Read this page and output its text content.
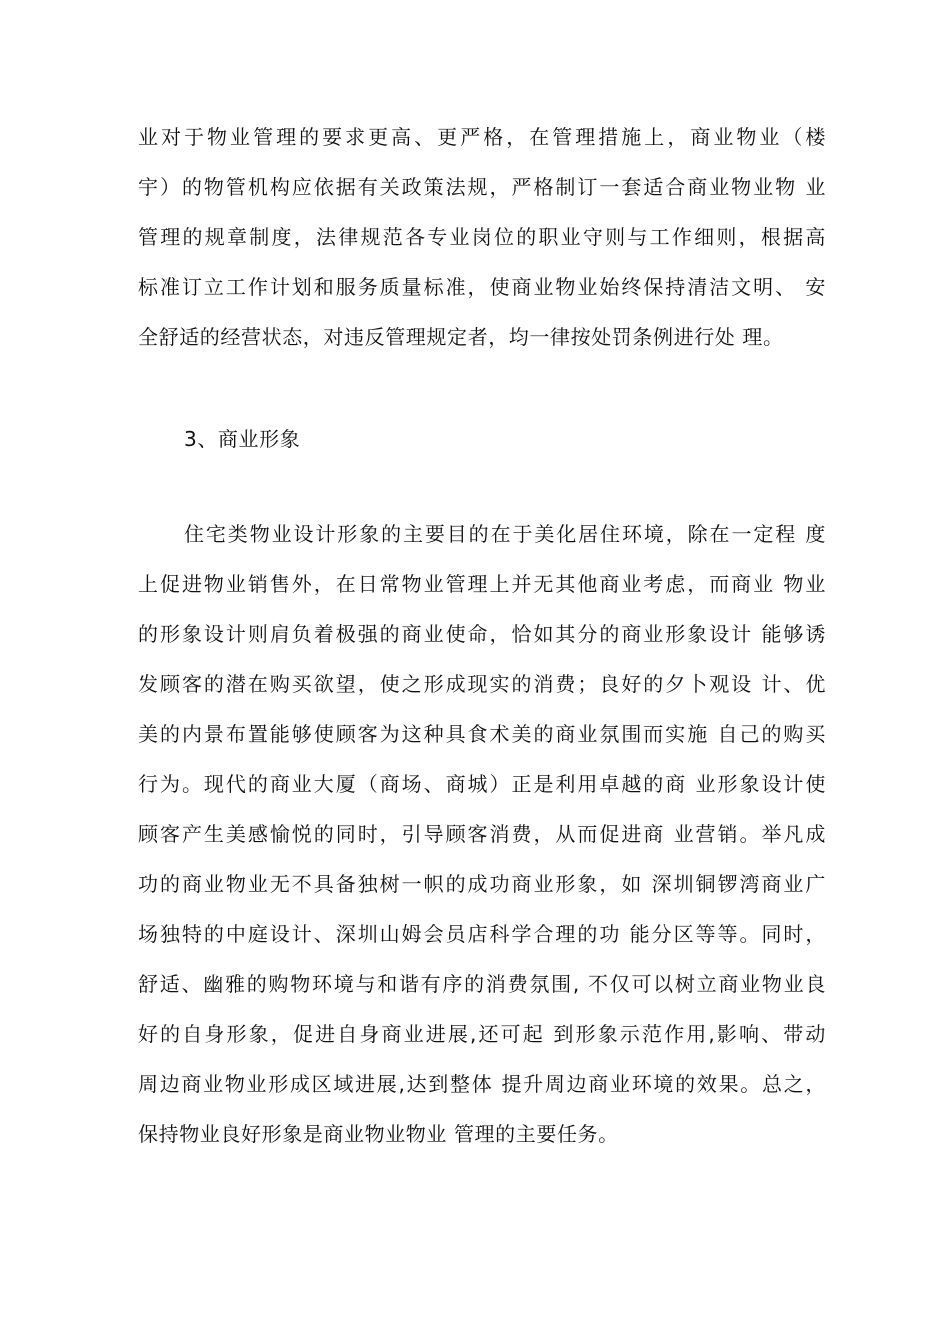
业对于物业管理的要求更高、更严格，在管理措施上，商业物业（楼
宇）的物管机构应依据有关政策法规，严格制订一套适合商业物业物 业
管理的规章制度，法律规范各专业岗位的职业守则与工作细则，根据高
标准订立工作计划和服务质量标准，使商业物业始终保持清洁文明、 安
全舒适的经营状态，对违反管理规定者，均一律按处罚条例进行处 理。
3、商业形象
住宅类物业设计形象的主要目的在于美化居住环境，除在一定程 度
上促进物业销售外，在日常物业管理上并无其他商业考虑，而商业 物业
的形象设计则肩负着极强的商业使命，恰如其分的商业形象设计 能够诱
发顾客的潜在购买欲望，使之形成现实的消费；良好的夕卜观设 计、优
美的内景布置能够使顾客为这种具食术美的商业氛围而实施 自己的购买
行为。现代的商业大厦（商场、商城）正是利用卓越的商 业形象设计使
顾客产生美感愉悦的同时，引导顾客消费，从而促进商 业营销。举凡成
功的商业物业无不具备独树一帜的成功商业形象，如 深圳铜锣湾商业广
场独特的中庭设计、深圳山姆会员店科学合理的功 能分区等等。同时，
舒适、幽雅的购物环境与和谐有序的消费氛围, 不仅可以树立商业物业良
好的自身形象，促进自身商业进展,还可起 到形象示范作用,影响、带动
周边商业物业形成区域进展,达到整体 提升周边商业环境的效果。总之，
保持物业良好形象是商业物业物业 管理的主要任务。
